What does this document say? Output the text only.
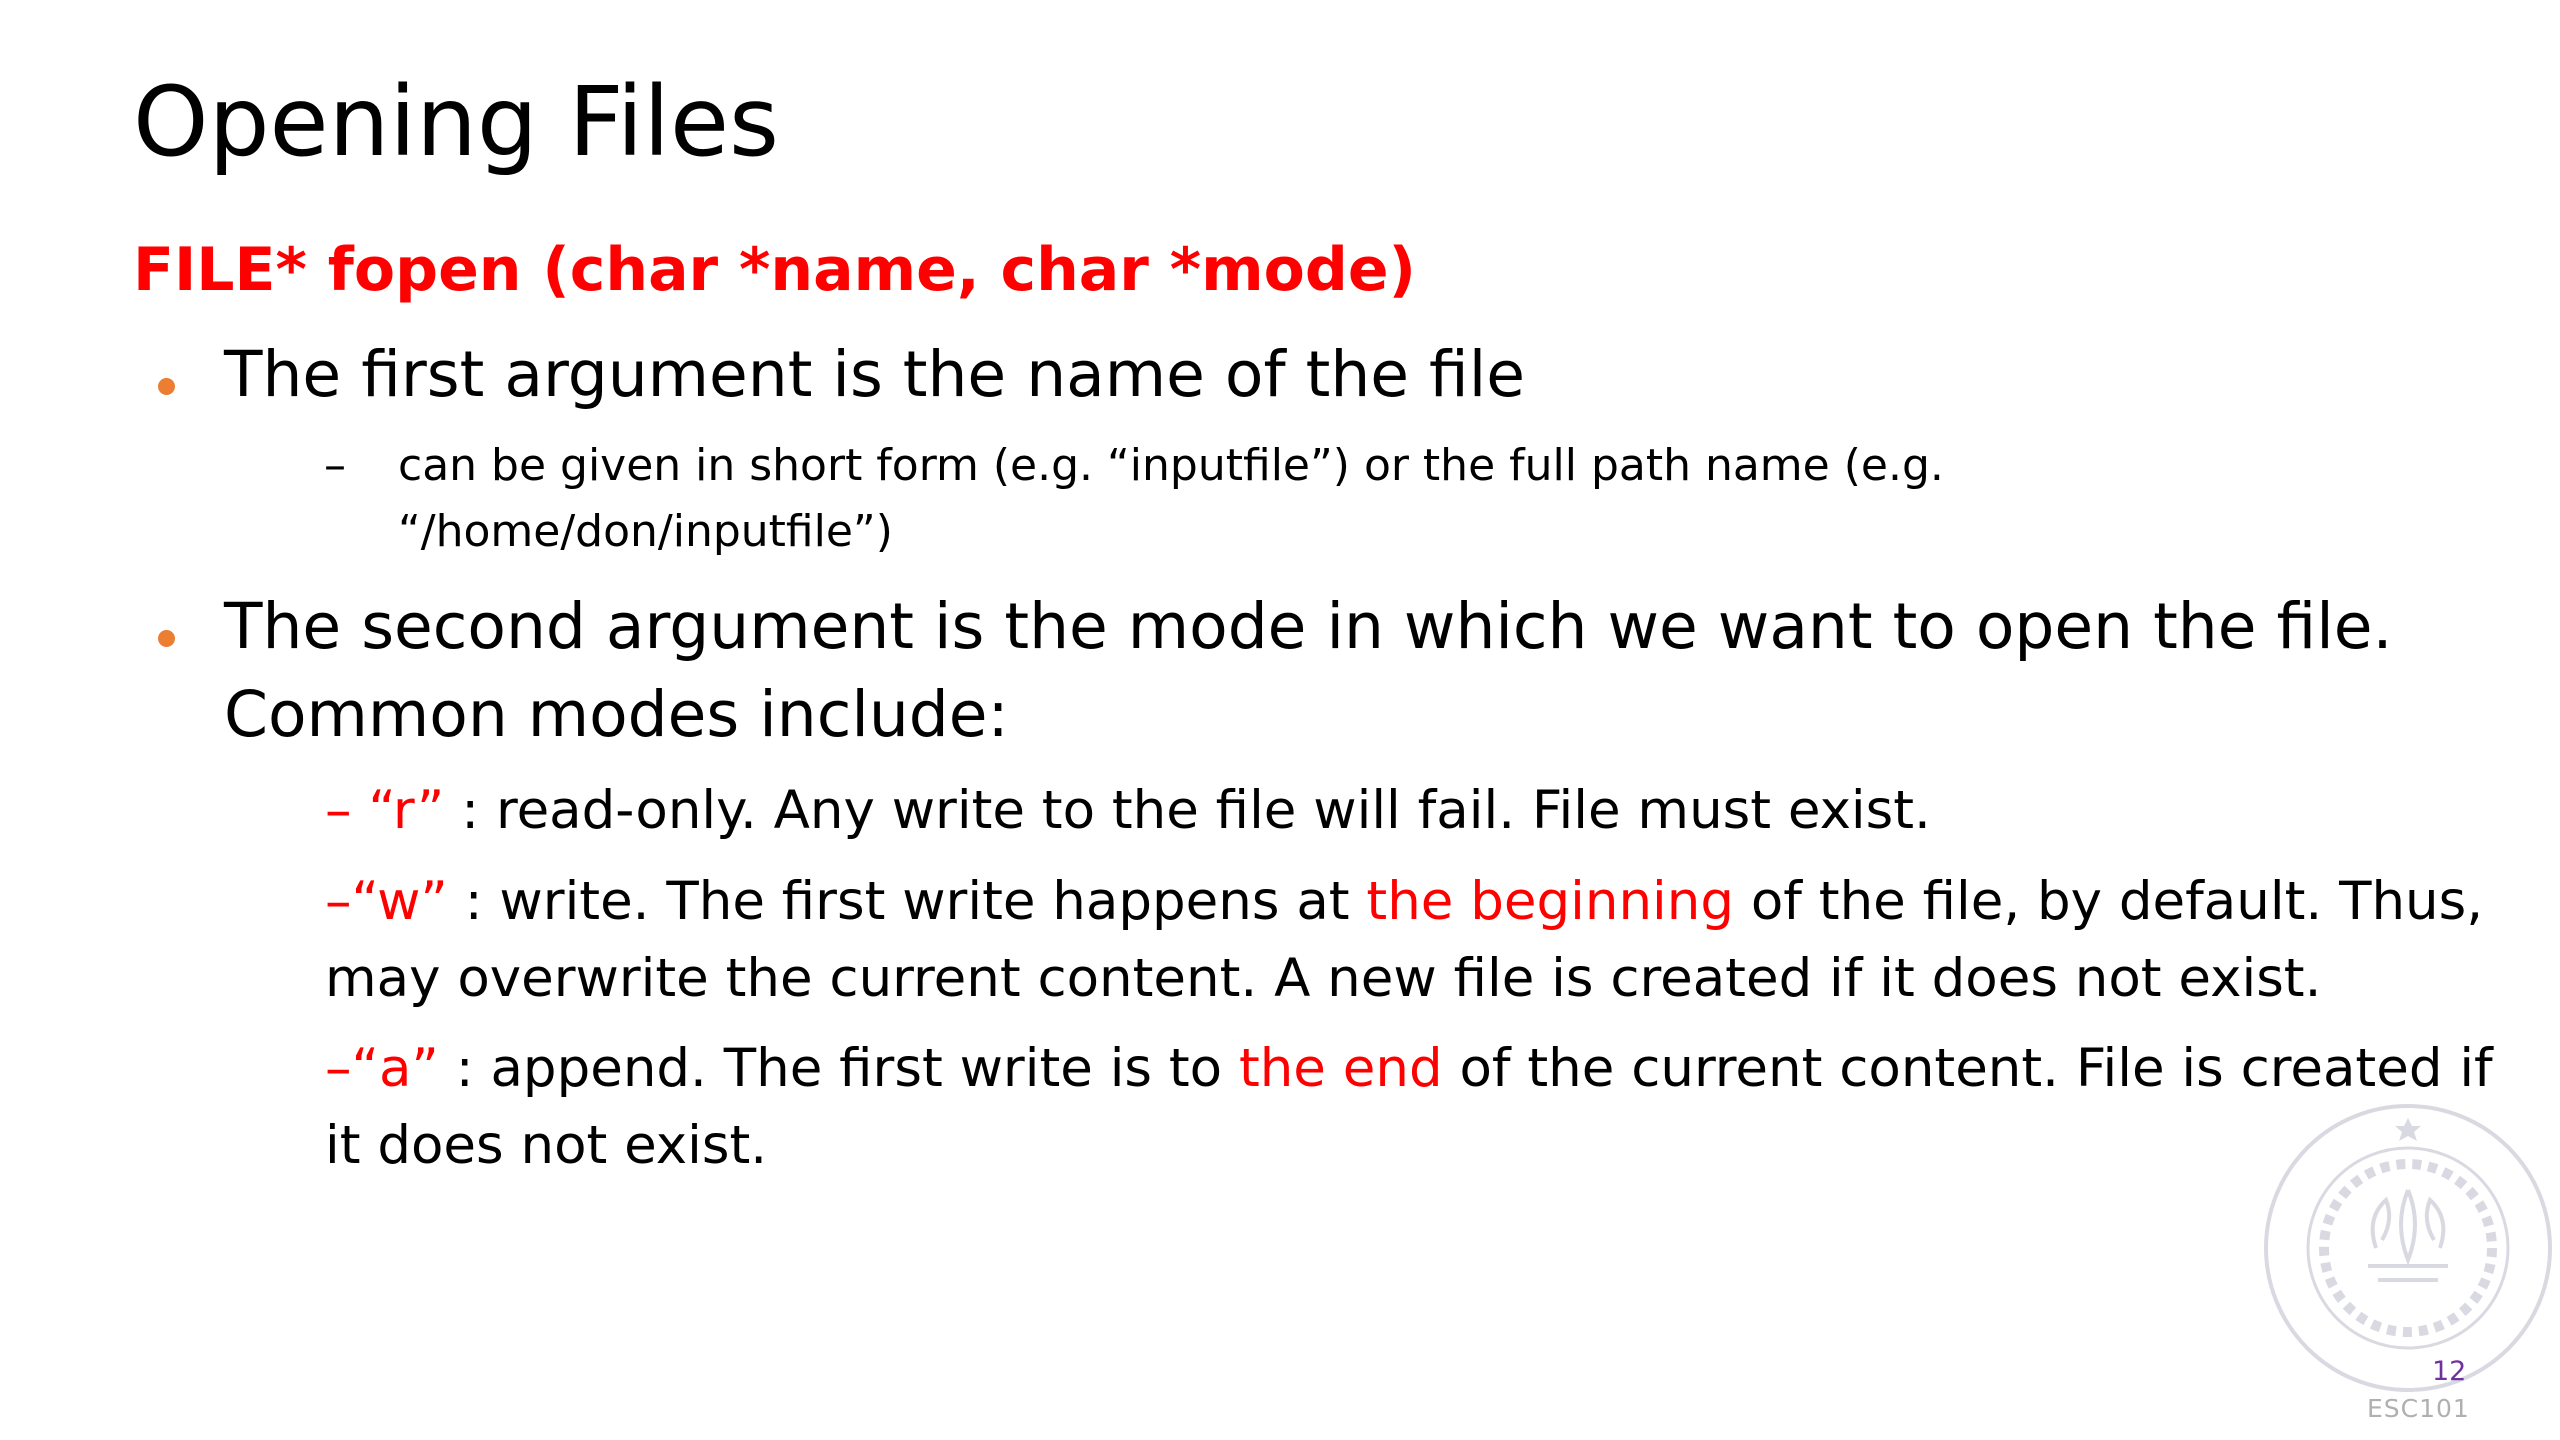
Opening Files
FILE* fopen (char *name, char *mode)
The first argument is the name of the file
– can be given in short form (e.g. “inputfile”) or the full path name (e.g.
“/home/don/inputfile”)
The second argument is the mode in which we want to open the file.
Common modes include:
– “r” : read-only. Any write to the file will fail. File must exist.
–“w” : write. The first write happens at the beginning of the file, by default. Thus,
may overwrite the current content. A new file is created if it does not exist.
–“a” : append. The first write is to the end of the current content. File is created if
it does not exist.
12
ESC101
